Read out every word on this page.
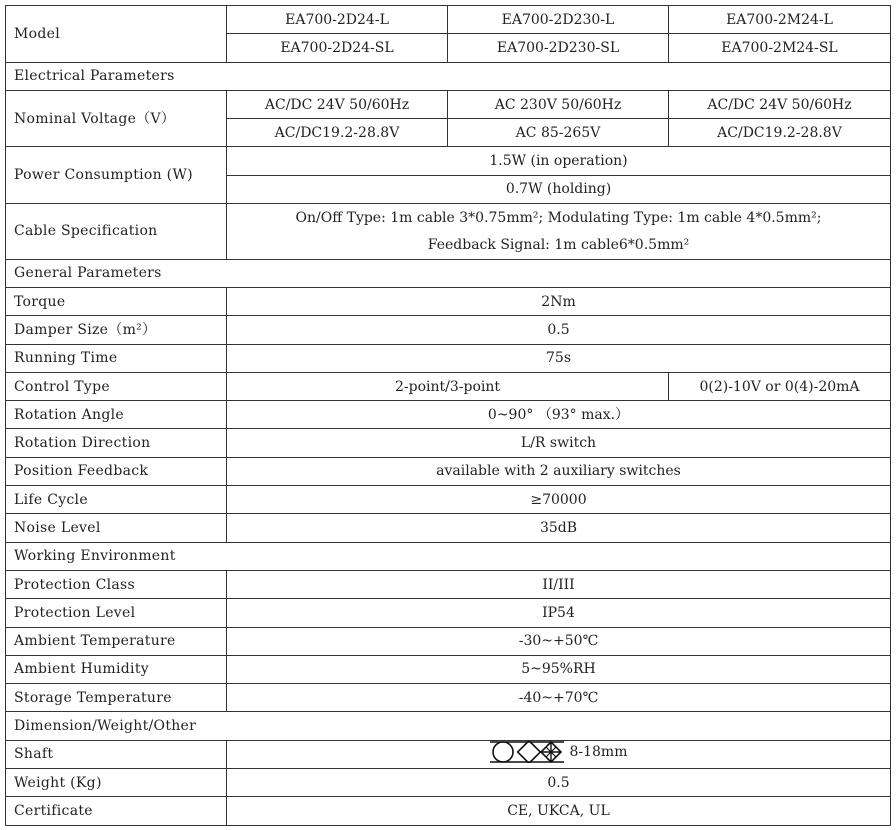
Model	EA700-2D24-L	EA700-2D230-L	EA700-2M24-L
	EA700-2D24-SL	EA700-2D230-SL	EA700-2M24-SL
Electrical Parameters			
Nominal Voltage（V）	AC/DC 24V 50/60Hz	AC 230V 50/60Hz	AC/DC 24V 50/60Hz
	AC/DC19.2-28.8V	AC 85-265V	AC/DC19.2-28.8V
Power Consumption (W)	1.5W (in operation)		
	0.7W (holding)		
Cable Specification	On/Off Type: 1m cable 3*0.75mm²; Modulating Type: 1m cable 4*0.5mm²;		
	Feedback Signal: 1m cable6*0.5mm²		
General Parameters			
Torque	2Nm		
Damper Size（m²）	0.5		
Running Time	75s		
Control Type	2-point/3-point		0(2)-10V or 0(4)-20mA
Rotation Angle	0~90° （93° max.）		
Rotation Direction	L/R switch		
Position Feedback	available with 2 auxiliary switches		
Life Cycle	≥70000		
Noise Level	35dB		
Working Environment			
Protection Class	II/III		
Protection Level	IP54		
Ambient Temperature	-30~+50℃		
Ambient Humidity	5~95%RH		
Storage Temperature	-40~+70℃		
Dimension/Weight/Other			
Shaft	8-18mm		

Weight (Kg)	0.5		
Certificate	CE, UKCA, UL		
